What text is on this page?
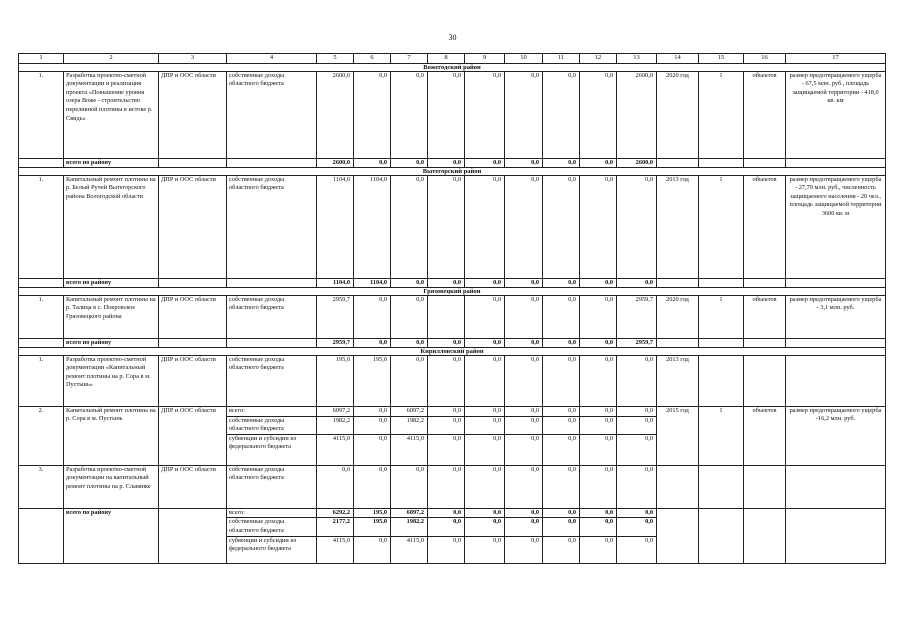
30
1	2	3	4	5	6	7	8	9	10	11	12	13	14	15	16	17
Вожегодский район																
1.	Разработка проектно-сметной документации и реализация проекта «Повышение уровня озера Воже - строительство переливной плотины в истоке р. Свидь»	ДПР и ООС области	собственные доходы областного бюджета	2600,0	0,0	0,0	0,0	0,0	0,0	0,0	0,0	2600,0	2020 год	1	объектов	размер предотвращаемого ущерба - 67,5 млн. руб., площадь защищаемой территории - 418,0 кв. км
	всего по району			2600,0	0,0	0,0	0,0	0,0	0,0	0,0	0,0	2600,0				
Вытегорский район																
1.	Капитальный ремонт плотины на р. Белый Ручей Вытегорского района Вологодской области	ДПР и ООС области	собственные доходы областного бюджета	1104,0	1104,0	0,0	0,0	0,0	0,0	0,0	0,0	0,0	2013 год	1	объектов	размер предотвращаемого ущерба - 27,79 млн. руб., численность защищаемого населения - 20 чел., площадь защищаемой территории 3600 кв. м
	всего по району			1104,0	1104,0	0,0	0,0	0,0	0,0	0,0	0,0	0,0				
Грязовецкий район																
1.	Капитальный ремонт плотины на р. Талица в с. Покровское Грязовецкого района	ДПР и ООС области	собственные доходы областного бюджета	2959,7	0,0	0,0		0,0	0,0	0,0	0,0	2959,7	2020 год	1	объектов	размер предотвращаемого ущерба - 3,1 млн. руб.
	всего по району			2959,7	0,0	0,0	0,0	0,0	0,0	0,0	0,0	2959,7				
Кирилловский район																
1.	Разработка проектно-сметной документации «Капитальный ремонт плотины на р. Сора в м. Пустынь»	ДПР и ООС области	собственные доходы областного бюджета	195,0	195,0	0,0	0,0	0,0	0,0	0,0	0,0	0,0	2013 год			
2.	Капитальный ремонт плотины на р. Сора в м. Пустынь	ДПР и ООС области	всего:	6097,2	0,0	6097,2	0,0	0,0	0,0	0,0	0,0	0,0	2015 год	1	объектов	размер предотвращаемого ущерба -16,2 млн. руб.
			собственные доходы областного бюджета	1982,2	0,0	1982,2	0,0	0,0	0,0	0,0	0,0	0,0				
			субвенции и субсидии из федерального бюджета	4115,0	0,0	4115,0	0,0	0,0	0,0	0,0	0,0	0,0				
3.	Разработка проектно-сметной документации на капитальный ремонт плотины на р. Славянке	ДПР и ООС области	собственные доходы областного бюджета	0,0	0,0	0,0	0,0	0,0	0,0	0,0	0,0	0,0				
	всего по району		всего:	6292,2	195,0	6097,2	0,0	0,0	0,0	0,0	0,0	0,0				
			собственные доходы областного бюджета	2177,2	195,0	1982,2	0,0	0,0	0,0	0,0	0,0	0,0				
			субвенции и субсидии из федерального бюджета	4115,0	0,0	4115,0	0,0	0,0	0,0	0,0	0,0	0,0				
